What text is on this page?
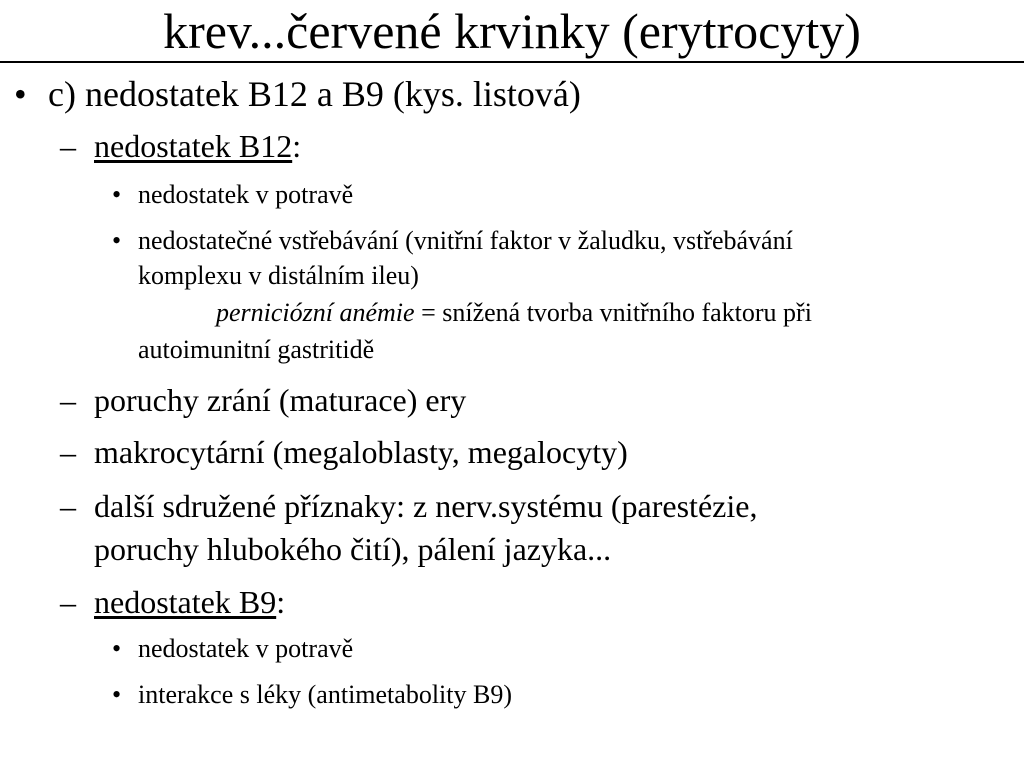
krev...červené krvinky (erytrocyty)
• c) nedostatek B12 a B9 (kys. listová)
– nedostatek B12:
• nedostatek v potravě
• nedostatečné vstřebávání (vnitřní faktor v žaludku, vstřebávání
komplexu v distálním ileu)
perniciózní anémie = snížená tvorba vnitřního faktoru při
autoimunitní gastritidě
– poruchy zrání (maturace) ery
– makrocytární (megaloblasty, megalocyty)
– další sdružené příznaky: z nerv.systému (parestézie,
poruchy hlubokého čití), pálení jazyka...
– nedostatek B9:
• nedostatek v potravě
• interakce s léky (antimetabolity B9)
